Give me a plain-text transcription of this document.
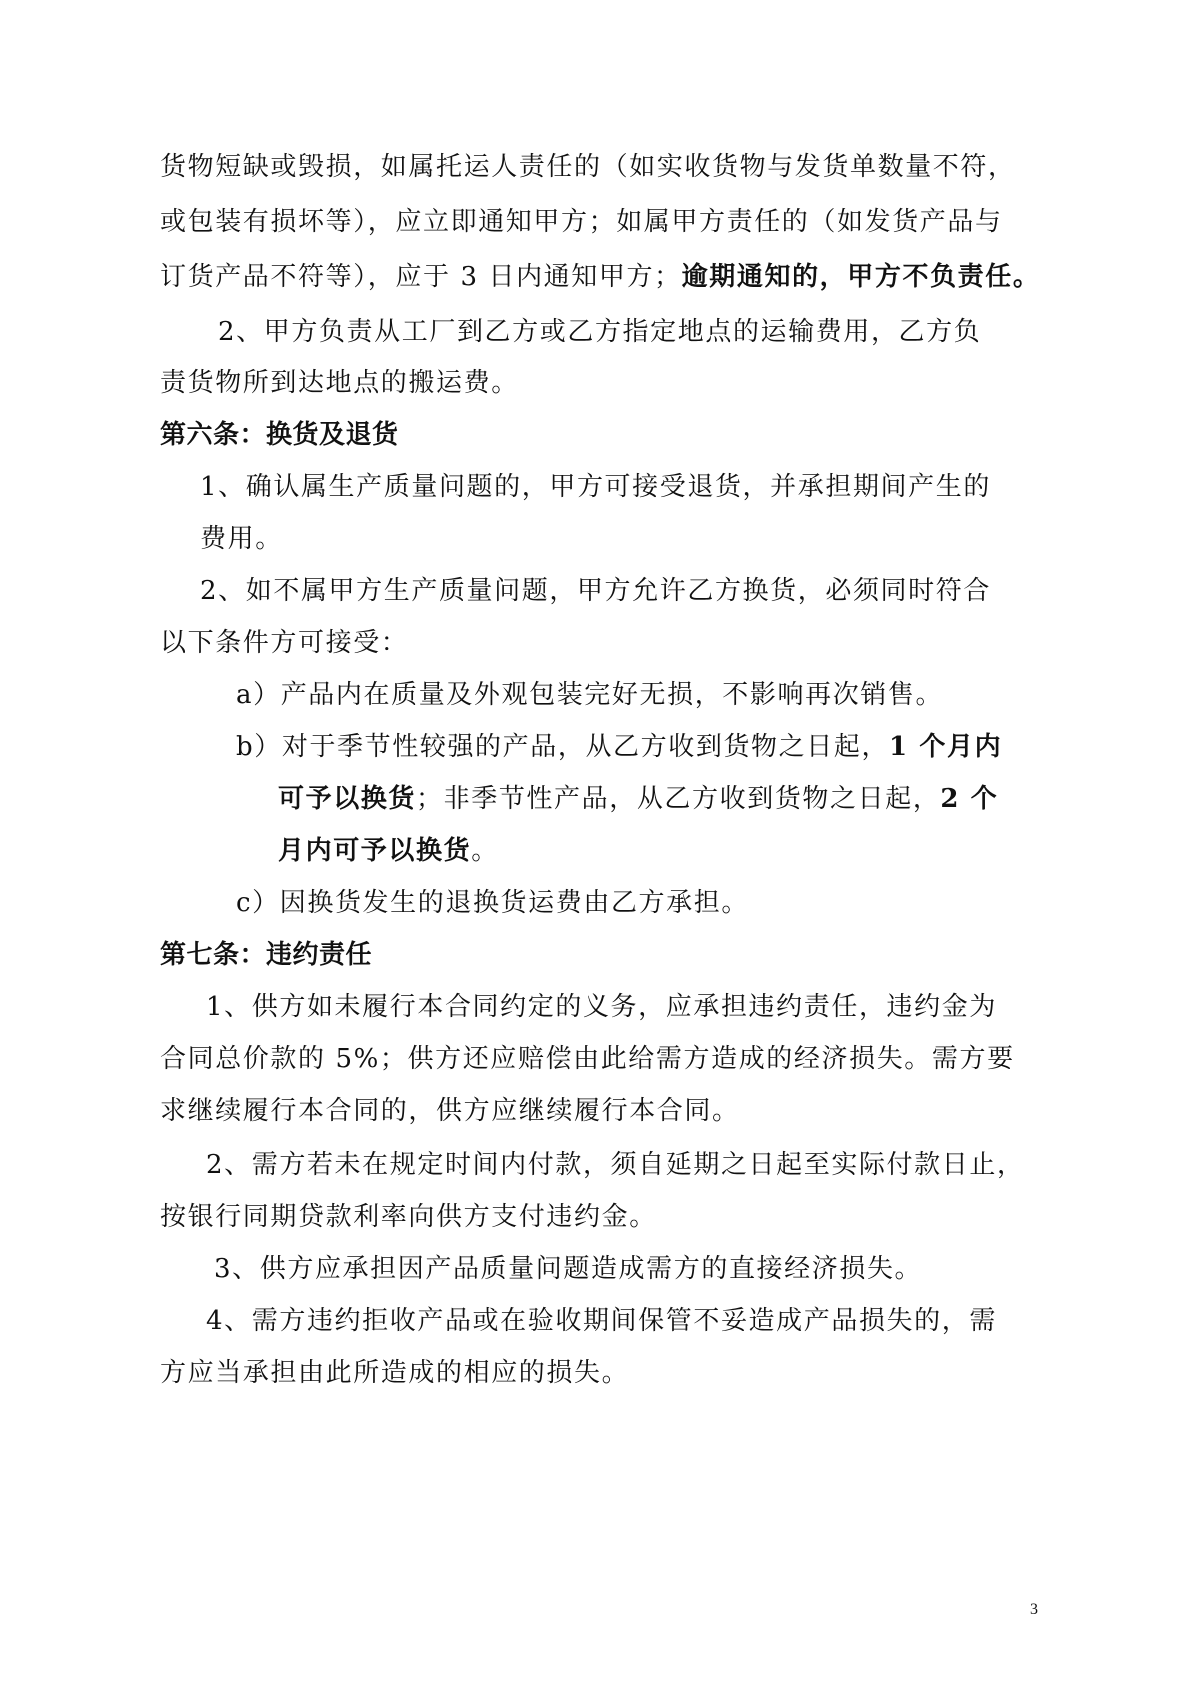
货物短缺或毁损，如属托运人责任的（如实收货物与发货单数量不符，
或包装有损坏等），应立即通知甲方；如属甲方责任的（如发货产品与
订货产品不符等），应于 3 日内通知甲方；逾期通知的，甲方不负责任。
2、甲方负责从工厂到乙方或乙方指定地点的运输费用，乙方负
责货物所到达地点的搬运费。
第六条：换货及退货
1、确认属生产质量问题的，甲方可接受退货，并承担期间产生的
费用。
2、如不属甲方生产质量问题，甲方允许乙方换货，必须同时符合
以下条件方可接受：
a）产品内在质量及外观包装完好无损，不影响再次销售。
b）对于季节性较强的产品，从乙方收到货物之日起，1 个月内
可予以换货；非季节性产品，从乙方收到货物之日起，2 个
月内可予以换货。
c）因换货发生的退换货运费由乙方承担。
第七条：违约责任
1、供方如未履行本合同约定的义务，应承担违约责任，违约金为
合同总价款的 5%；供方还应赔偿由此给需方造成的经济损失。需方要
求继续履行本合同的，供方应继续履行本合同。
2、需方若未在规定时间内付款，须自延期之日起至实际付款日止，
按银行同期贷款利率向供方支付违约金。
3、供方应承担因产品质量问题造成需方的直接经济损失。
4、需方违约拒收产品或在验收期间保管不妥造成产品损失的，需
方应当承担由此所造成的相应的损失。
3
